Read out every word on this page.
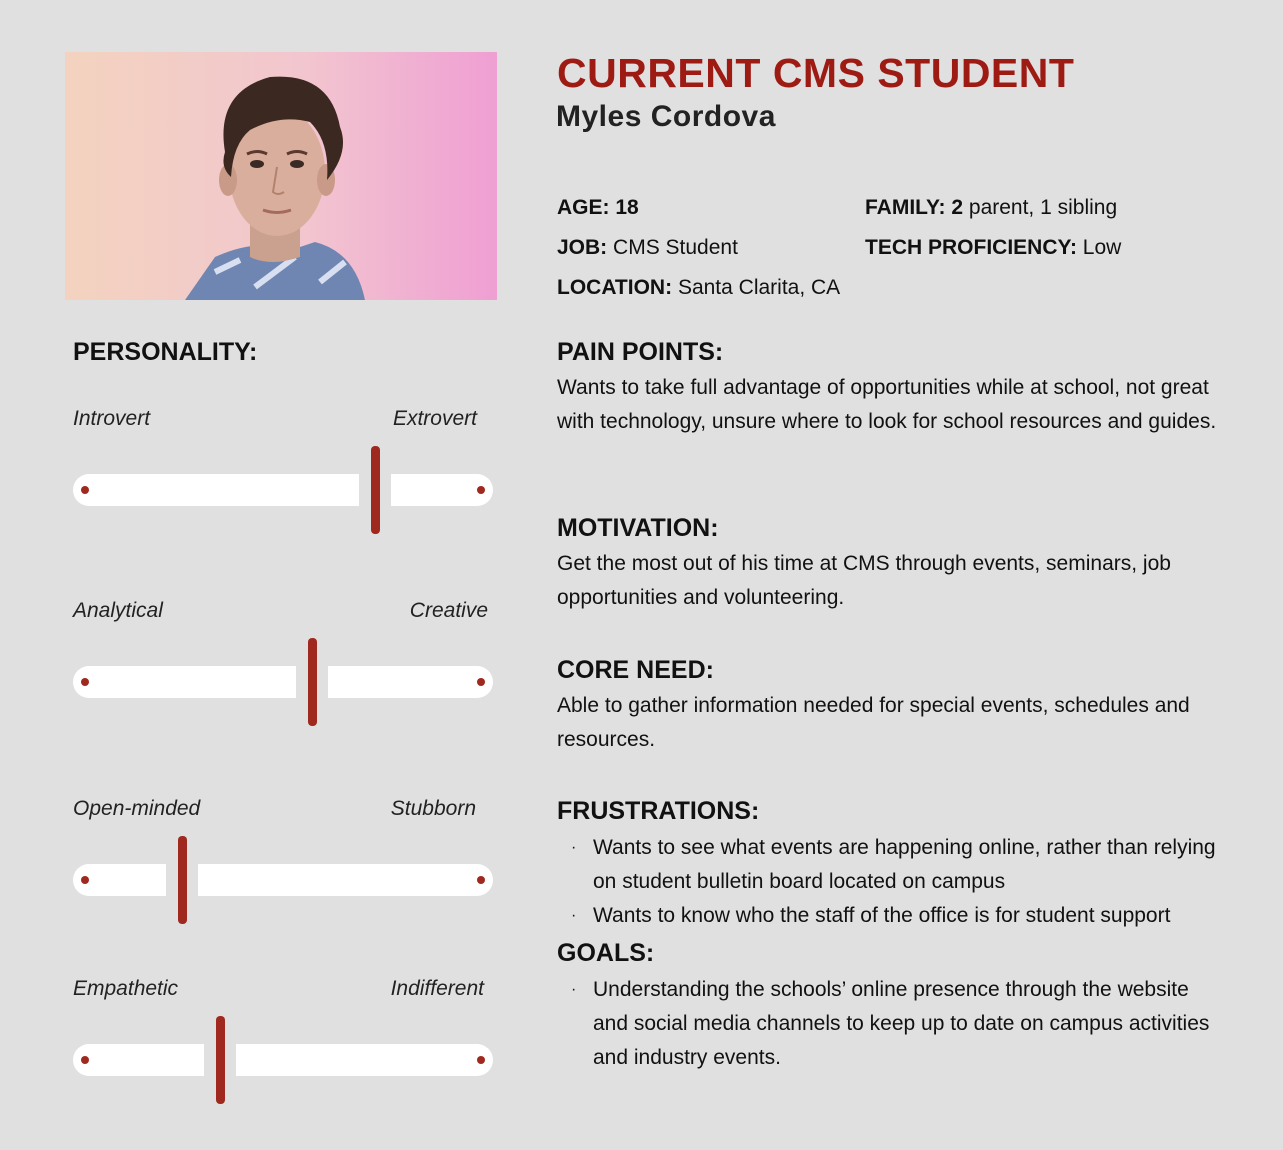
CURRENT CMS STUDENT
Myles Cordova
AGE: 18
JOB: CMS Student
LOCATION: Santa Clarita, CA
FAMILY: 2 parent, 1 sibling
TECH PROFICIENCY: Low
PAIN POINTS:

Wants to take full advantage of opportunities while at school, not great with technology, unsure where to look for school resources and guides.

MOTIVATION:

Get the most out of his time at CMS through events, seminars, job opportunities and volunteering.

CORE NEED:

Able to gather information needed for special events, schedules and resources.

FRUSTRATIONS:
· Wants to see what events are happening online, rather than relying on student bulletin board located on campus
· Wants to know who the staff of the office is for student support
GOALS:
· Understanding the schools’ online presence through the website and social media channels to keep up to date on campus activities and industry events.
PERSONALITY:
Introvert	Extrovert
Analytical	Creative
Open-minded	Stubborn
Empathetic	Indifferent
